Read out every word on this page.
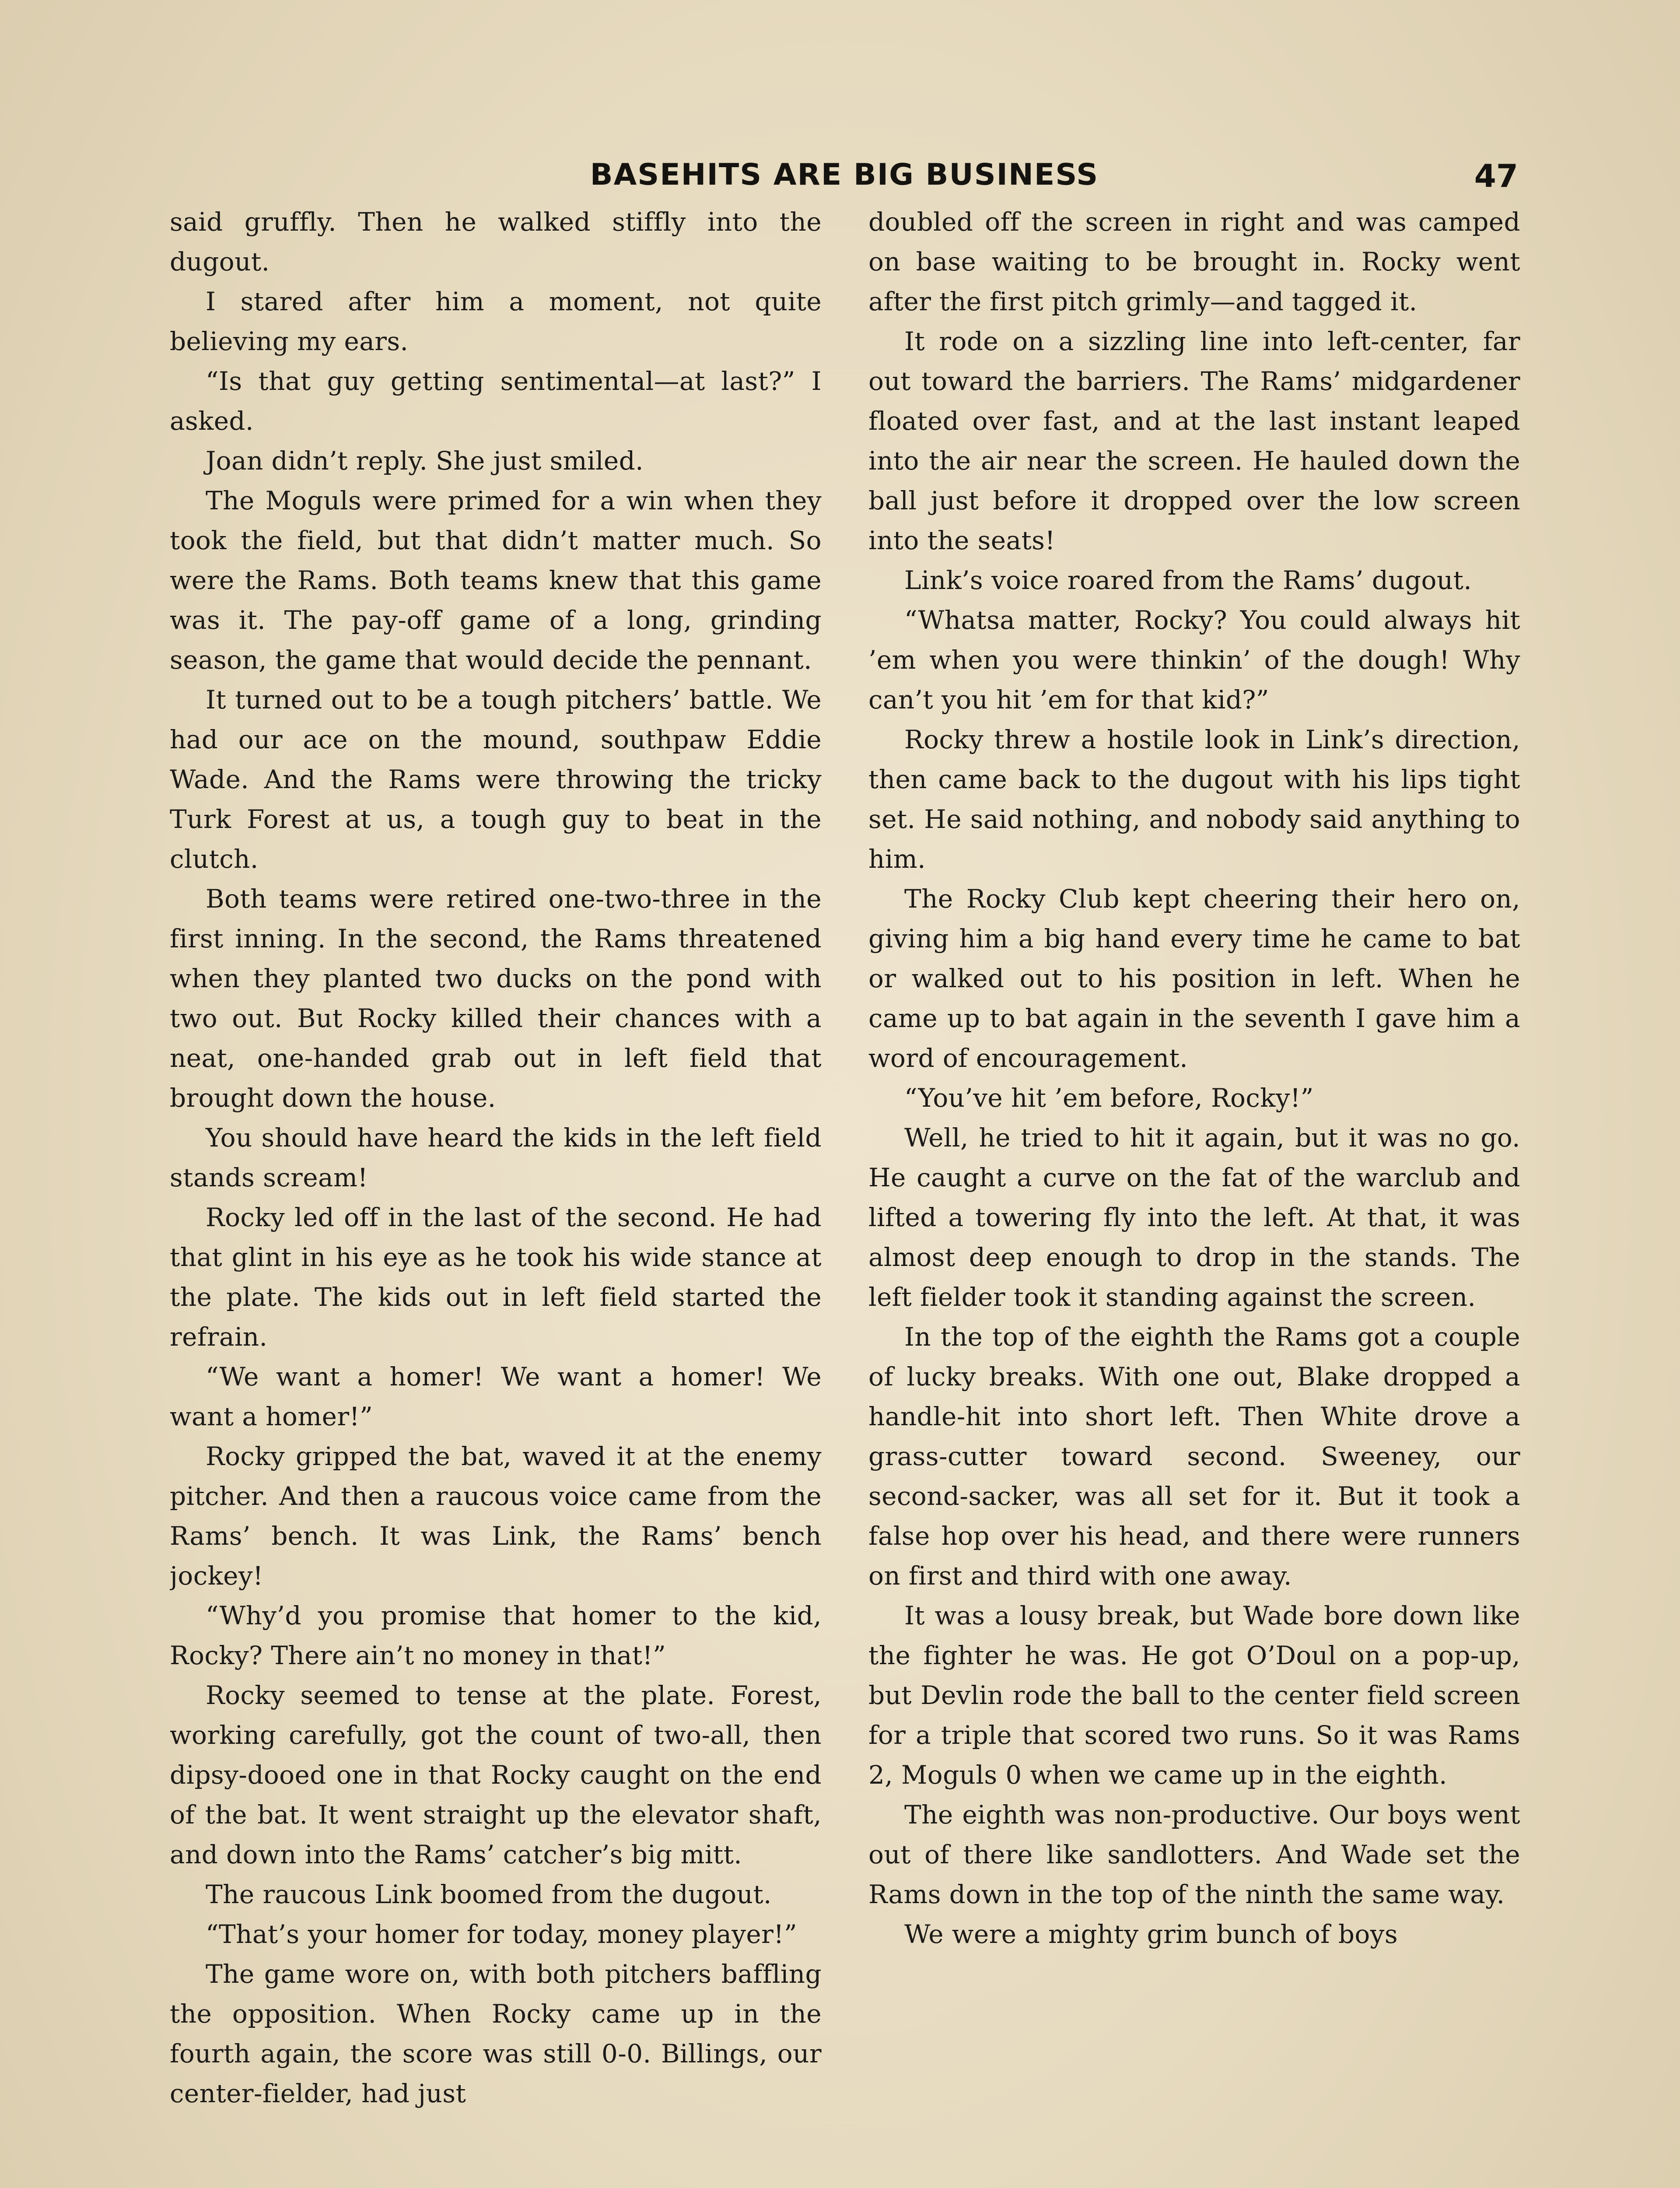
BASEHITS ARE BIG BUSINESS	47

said gruffly. Then he walked stiffly into the dugout.

I stared after him a moment, not quite believing my ears.

“Is that guy getting sentimental—at last?” I asked.

Joan didn’t reply. She just smiled.

The Moguls were primed for a win when they took the field, but that didn’t matter much. So were the Rams. Both teams knew that this game was it. The pay-off game of a long, grinding season, the game that would decide the pennant.

It turned out to be a tough pitchers’ battle. We had our ace on the mound, southpaw Eddie Wade. And the Rams were throwing the tricky Turk Forest at us, a tough guy to beat in the clutch.

Both teams were retired one-two-three in the first inning. In the second, the Rams threatened when they planted two ducks on the pond with two out. But Rocky killed their chances with a neat, one-handed grab out in left field that brought down the house.

You should have heard the kids in the left field stands scream!

Rocky led off in the last of the second. He had that glint in his eye as he took his wide stance at the plate. The kids out in left field started the refrain.

“We want a homer! We want a homer! We want a homer!”

Rocky gripped the bat, waved it at the enemy pitcher. And then a raucous voice came from the Rams’ bench. It was Link, the Rams’ bench jockey!

“Why’d you promise that homer to the kid, Rocky? There ain’t no money in that!”

Rocky seemed to tense at the plate. Forest, working carefully, got the count of two-all, then dipsy-dooed one in that Rocky caught on the end of the bat. It went straight up the elevator shaft, and down into the Rams’ catcher’s big mitt.

The raucous Link boomed from the dugout.

“That’s your homer for today, money player!”

The game wore on, with both pitchers baffling the opposition. When Rocky came up in the fourth again, the score was still 0-0. Billings, our center-fielder, had just

doubled off the screen in right and was camped on base waiting to be brought in. Rocky went after the first pitch grimly—and tagged it.

It rode on a sizzling line into left-center, far out toward the barriers. The Rams’ midgardener floated over fast, and at the last instant leaped into the air near the screen. He hauled down the ball just before it dropped over the low screen into the seats!

Link’s voice roared from the Rams’ dugout.

“Whatsa matter, Rocky? You could always hit ’em when you were thinkin’ of the dough! Why can’t you hit ’em for that kid?”

Rocky threw a hostile look in Link’s direction, then came back to the dugout with his lips tight set. He said nothing, and nobody said anything to him.

The Rocky Club kept cheering their hero on, giving him a big hand every time he came to bat or walked out to his position in left. When he came up to bat again in the seventh I gave him a word of encouragement.

“You’ve hit ’em before, Rocky!”

Well, he tried to hit it again, but it was no go. He caught a curve on the fat of the warclub and lifted a towering fly into the left. At that, it was almost deep enough to drop in the stands. The left fielder took it standing against the screen.

In the top of the eighth the Rams got a couple of lucky breaks. With one out, Blake dropped a handle-hit into short left. Then White drove a grass-cutter toward second. Sweeney, our second-sacker, was all set for it. But it took a false hop over his head, and there were runners on first and third with one away.

It was a lousy break, but Wade bore down like the fighter he was. He got O’Doul on a pop-up, but Devlin rode the ball to the center field screen for a triple that scored two runs. So it was Rams 2, Moguls 0 when we came up in the eighth.

The eighth was non-productive. Our boys went out of there like sandlotters. And Wade set the Rams down in the top of the ninth the same way.

We were a mighty grim bunch of boys
